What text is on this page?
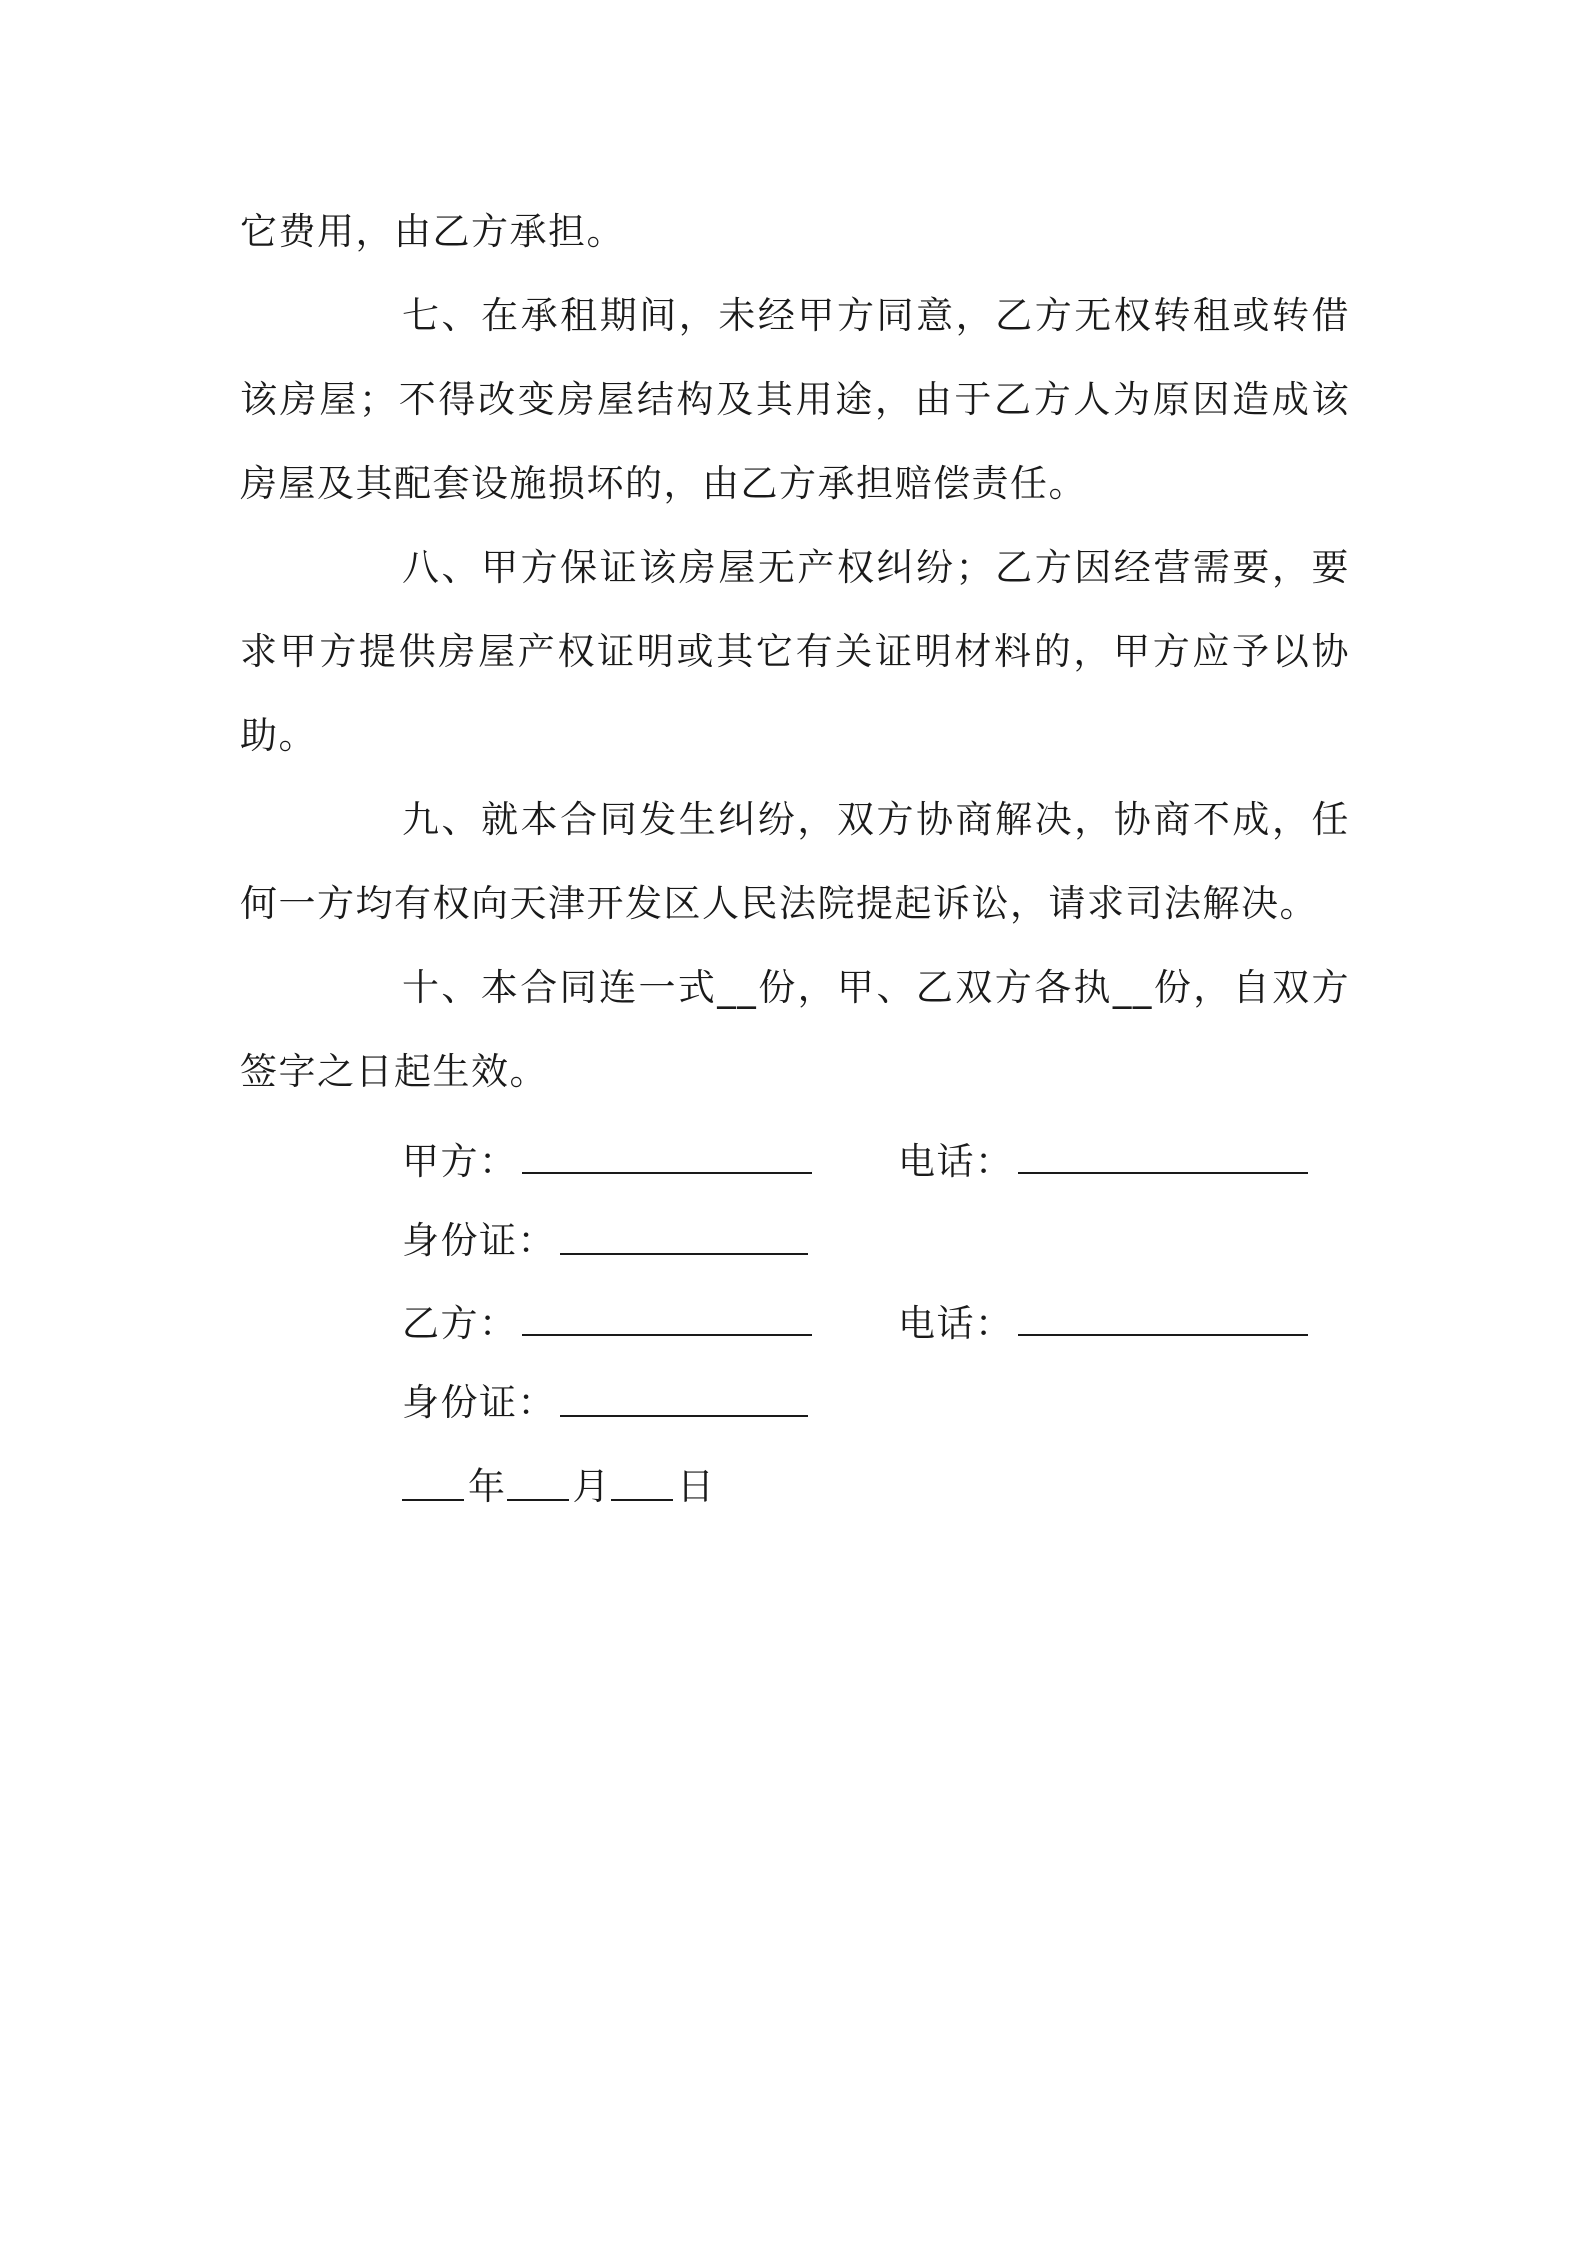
它费用，由乙方承担。

七、在承租期间，未经甲方同意，乙方无权转租或转借该房屋；不得改变房屋结构及其用途，由于乙方人为原因造成该房屋及其配套设施损坏的，由乙方承担赔偿责任。

八、甲方保证该房屋无产权纠纷；乙方因经营需要，要求甲方提供房屋产权证明或其它有关证明材料的，甲方应予以协助。

九、就本合同发生纠纷，双方协商解决，协商不成，任何一方均有权向天津开发区人民法院提起诉讼，请求司法解决。

十、本合同连一式__份，甲、乙双方各执__份，自双方签字之日起生效。

甲方：	电话：
身份证：
乙方：	电话：
身份证：
年 月 日
